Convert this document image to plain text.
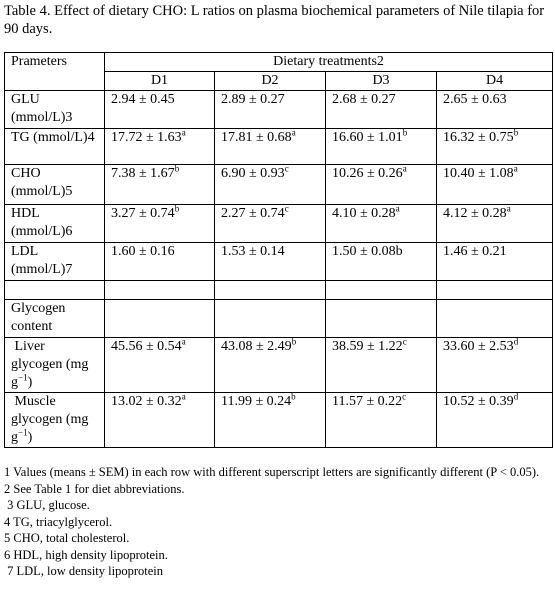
Table 4. Effect of dietary CHO: L ratios on plasma biochemical parameters of Nile tilapia for 90 days.
Prameters	Dietary treatments2			
	D1	D2	D3	D4
GLU (mmol/L)3	2.94 ± 0.45	2.89 ± 0.27	2.68 ± 0.27	2.65 ± 0.63
TG (mmol/L)4	17.72 ± 1.63$^a$	17.81 ± 0.68$^a$	16.60 ± 1.01$^b$	16.32 ± 0.75$^b$
CHO (mmol/L)5	7.38 ± 1.67$^b$	6.90 ± 0.93$^c$	10.26 ± 0.26$^a$	10.40 ± 1.08$^a$
HDL (mmol/L)6	3.27 ± 0.74$^b$	2.27 ± 0.74$^c$	4.10 ± 0.28$^a$	4.12 ± 0.28$^a$
LDL (mmol/L)7	1.60 ± 0.16	1.53 ± 0.14	1.50 ± 0.08b	1.46 ± 0.21

Glycogen content				
Liver glycogen (mg $g^{-1}$)	45.56 ± 0.54$^a$	43.08 ± 2.49$^b$	38.59 ± 1.22$^c$	33.60 ± 2.53$^d$
Muscle glycogen (mg $g^{-1}$)	13.02 ± 0.32$^a$	11.99 ± 0.24$^b$	11.57 ± 0.22$^c$	10.52 ± 0.39$^d$
1 Values (means ± SEM) in each row with different superscript letters are significantly different (P < 0.05).
2 See Table 1 for diet abbreviations.
3 GLU, glucose.
4 TG, triacylglycerol.
5 CHO, total cholesterol.
6 HDL, high density lipoprotein.
7 LDL, low density lipoprotein
